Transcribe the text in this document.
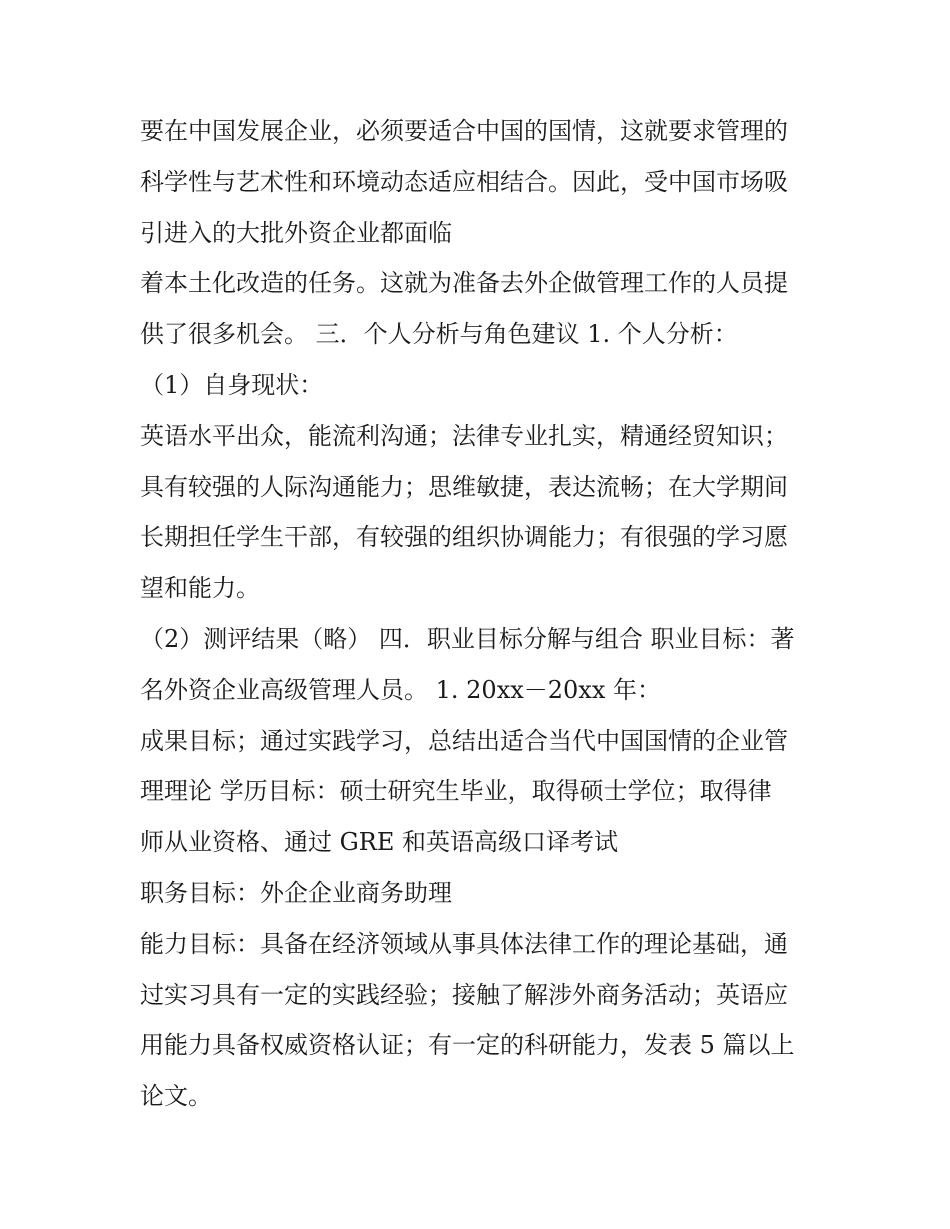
要在中国发展企业，必须要适合中国的国情，这就要求管理的

科学性与艺术性和环境动态适应相结合。因此，受中国市场吸

引进入的大批外资企业都面临

着本土化改造的任务。这就为准备去外企做管理工作的人员提

供了很多机会。 三．个人分析与角色建议 1. 个人分析：

（1）自身现状：

英语水平出众，能流利沟通；法律专业扎实，精通经贸知识；

具有较强的人际沟通能力；思维敏捷，表达流畅；在大学期间

长期担任学生干部，有较强的组织协调能力；有很强的学习愿

望和能力。

（2）测评结果（略） 四．职业目标分解与组合 职业目标：著

名外资企业高级管理人员。 1. 20xx－20xx 年：

成果目标；通过实践学习，总结出适合当代中国国情的企业管

理理论 学历目标：硕士研究生毕业，取得硕士学位；取得律

师从业资格、通过 GRE 和英语高级口译考试

职务目标：外企企业商务助理

能力目标：具备在经济领域从事具体法律工作的理论基础，通

过实习具有一定的实践经验；接触了解涉外商务活动；英语应

用能力具备权威资格认证；有一定的科研能力，发表 5 篇以上

论文。
